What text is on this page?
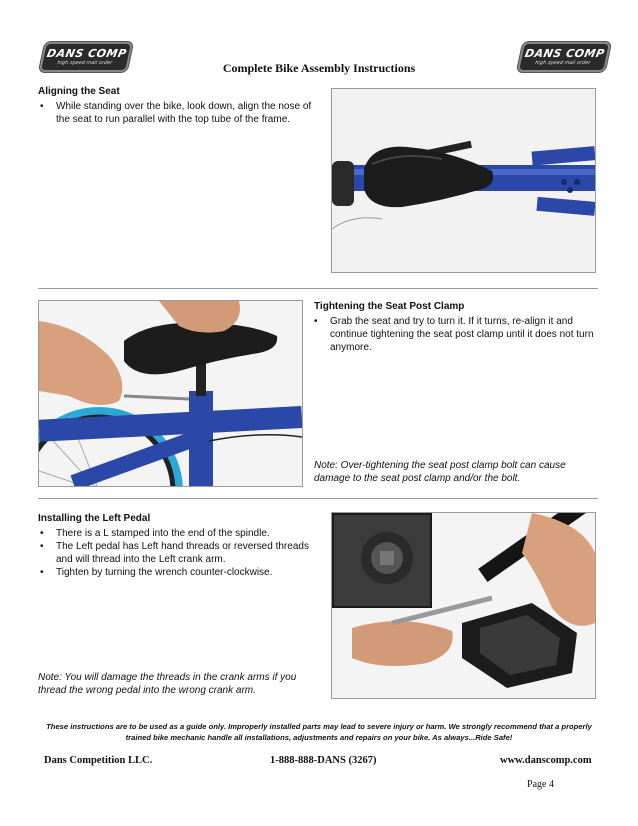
DANS COMP
high speed mail order
DANS COMP
high speed mail order
Complete Bike Assembly Instructions
Aligning the Seat
• While standing over the bike, look down, align the nose of the seat to run parallel with the top tube of the frame.
Tightening the Seat Post Clamp
• Grab the seat and try to turn it. If it turns, re-align it and continue tightening the seat post clamp until it does not turn anymore.
Note: Over-tightening the seat post clamp bolt can cause damage to the seat post clamp and/or the bolt.
Installing the Left Pedal
• There is a L stamped into the end of the spindle.
• The Left pedal has Left hand threads or reversed threads and will thread into the Left crank arm.
• Tighten by turning the wrench counter-clockwise.
Note: You will damage the threads in the crank arms if you thread the wrong pedal into the wrong crank arm.
These instructions are to be used as a guide only. Improperly installed parts may lead to severe injury or harm. We strongly recommend that a properly trained bike mechanic handle all installations, adjustments and repairs on your bike. As always...Ride Safe!
Dans Competition LLC.	1-888-888-DANS (3267)	www.danscomp.com
Page 4
